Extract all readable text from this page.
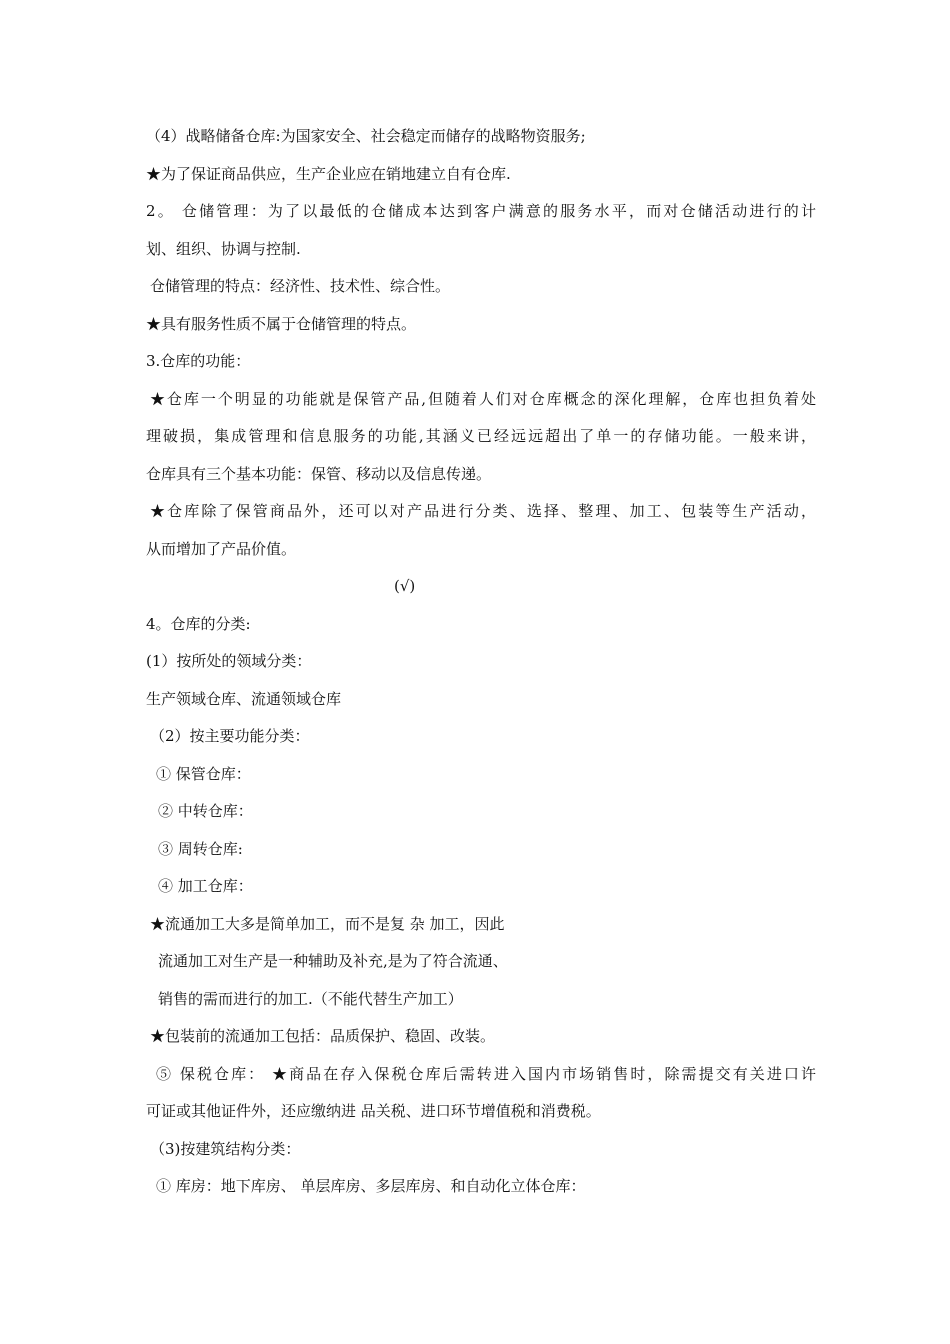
（4）战略储备仓库:为国家安全、社会稳定而储存的战略物资服务;
★为了保证商品供应，生产企业应在销地建立自有仓库.
2。 仓储管理：为了以最低的仓储成本达到客户满意的服务水平，而对仓储活动进行的计
划、组织、协调与控制.
仓储管理的特点：经济性、技术性、综合性。
★具有服务性质不属于仓储管理的特点。
3.仓库的功能：
★仓库一个明显的功能就是保管产品,但随着人们对仓库概念的深化理解，仓库也担负着处
理破损，集成管理和信息服务的功能,其涵义已经远远超出了单一的存储功能。一般来讲，
仓库具有三个基本功能：保管、移动以及信息传递。
★仓库除了保管商品外，还可以对产品进行分类、选择、整理、加工、包装等生产活动，
从而增加了产品价值。
(√)
4。仓库的分类:
(1）按所处的领域分类：
生产领域仓库、流通领域仓库
（2）按主要功能分类：
① 保管仓库：
② 中转仓库：
③ 周转仓库:
④ 加工仓库：
★流通加工大多是简单加工，而不是复 杂 加工，因此
流通加工对生产是一种辅助及补充,是为了符合流通、
销售的需而进行的加工.（不能代替生产加工）
★包装前的流通加工包括：品质保护、稳固、改装。
⑤ 保税仓库： ★商品在存入保税仓库后需转进入国内市场销售时，除需提交有关进口许
可证或其他证件外，还应缴纳进 品关税、进口环节增值税和消费税。
（3)按建筑结构分类：
① 库房：地下库房、 单层库房、多层库房、和自动化立体仓库：
